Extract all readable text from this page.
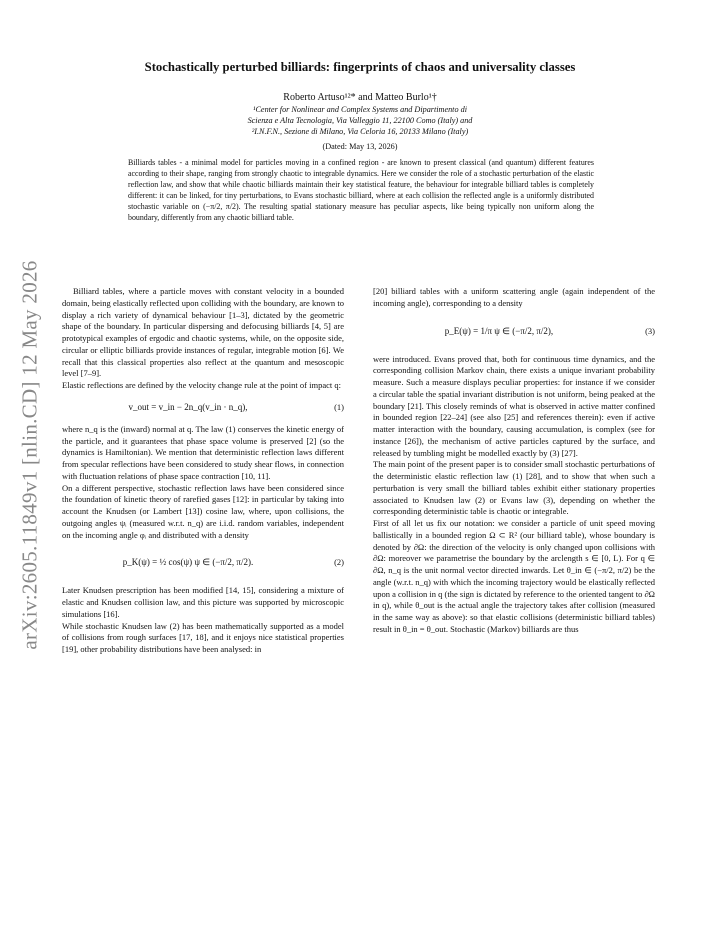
arXiv:2605.11849v1 [nlin.CD] 12 May 2026
Stochastically perturbed billiards: fingerprints of chaos and universality classes
Roberto Artuso¹²* and Matteo Burlo¹†
¹Center for Nonlinear and Complex Systems and Dipartimento di
Scienza e Alta Tecnologia, Via Valleggio 11, 22100 Como (Italy) and
²I.N.F.N., Sezione di Milano, Via Celoria 16, 20133 Milano (Italy)
(Dated: May 13, 2026)
Billiards tables - a minimal model for particles moving in a confined region - are known to present classical (and quantum) different features according to their shape, ranging from strongly chaotic to integrable dynamics. Here we consider the role of a stochastic perturbation of the elastic reflection law, and show that while chaotic billiards maintain their key statistical feature, the behaviour for integrable billiard tables is completely different: it can be linked, for tiny perturbations, to Evans stochastic billiard, where at each collision the reflected angle is a uniformly distributed stochastic variable on (−π/2, π/2). The resulting spatial stationary measure has peculiar aspects, like being typically non uniform along the boundary, differently from any chaotic billiard table.

Billiard tables, where a particle moves with constant velocity in a bounded domain, being elastically reflected upon colliding with the boundary, are known to display a rich variety of dynamical behaviour [1–3], dictated by the geometric shape of the boundary. In particular dispersing and defocusing billiards [4, 5] are prototypical examples of ergodic and chaotic systems, while, on the opposite side, circular or elliptic billiards provide instances of regular, integrable motion [6]. We recall that this classical properties also reflect at the quantum and mesoscopic level [7–9].

Elastic reflections are defined by the velocity change rule at the point of impact q:

v_out = v_in − 2n_q(v_in · n_q),	(1)

where n_q is the (inward) normal at q. The law (1) conserves the kinetic energy of the particle, and it guarantees that phase space volume is preserved [2] (so the dynamics is Hamiltonian). We mention that deterministic reflection laws different from specular reflections have been considered to study shear flows, in connection with fluctuation relations of phase space contraction [10, 11].

On a different perspective, stochastic reflection laws have been considered since the foundation of kinetic theory of rarefied gases [12]: in particular by taking into account the Knudsen (or Lambert [13]) cosine law, where, upon collisions, the outgoing angles ψᵢ (measured w.r.t. n_q) are i.i.d. random variables, independent on the incoming angle φᵢ and distributed with a density

p_K(ψ) = ½ cos(ψ) ψ ∈ (−π/2, π/2).	(2)

Later Knudsen prescription has been modified [14, 15], considering a mixture of elastic and Knudsen collision law, and this picture was supported by microscopic simulations [16].

While stochastic Knudsen law (2) has been mathematically supported as a model of collisions from rough surfaces [17, 18], and it enjoys nice statistical properties [19], other probability distributions have been analysed: in

[20] billiard tables with a uniform scattering angle (again independent of the incoming angle), corresponding to a density

p_E(ψ) = 1/π ψ ∈ (−π/2, π/2),	(3)

were introduced. Evans proved that, both for continuous time dynamics, and the corresponding collision Markov chain, there exists a unique invariant probability measure. Such a measure displays peculiar properties: for instance if we consider a circular table the spatial invariant distribution is not uniform, being peaked at the boundary [21]. This closely reminds of what is observed in active matter confined in bounded region [22–24] (see also [25] and references therein): even if active matter interaction with the boundary, causing accumulation, is complex (see for instance [26]), the mechanism of active particles captured by the surface, and released by tumbling might be modelled exactly by (3) [27].

The main point of the present paper is to consider small stochastic perturbations of the deterministic elastic reflection law (1) [28], and to show that when such a perturbation is very small the billiard tables exhibit either stationary properties associated to Knudsen law (2) or Evans law (3), depending on whether the corresponding deterministic table is chaotic or integrable.

First of all let us fix our notation: we consider a particle of unit speed moving ballistically in a bounded region Ω ⊂ R² (our billiard table), whose boundary is denoted by ∂Ω: the direction of the velocity is only changed upon collisions with ∂Ω: moreover we parametrise the boundary by the arclength s ∈ [0, L). For q ∈ ∂Ω, n_q is the unit normal vector directed inwards. Let θ_in ∈ (−π/2, π/2) be the angle (w.r.t. n_q) with which the incoming trajectory would be elastically reflected upon a collision in q (the sign is dictated by reference to the oriented tangent to ∂Ω in q), while θ_out is the actual angle the trajectory takes after collision (measured in the same way as above): so that elastic collisions (deterministic billiard tables) result in θ_in = θ_out. Stochastic (Markov) billiards are thus
